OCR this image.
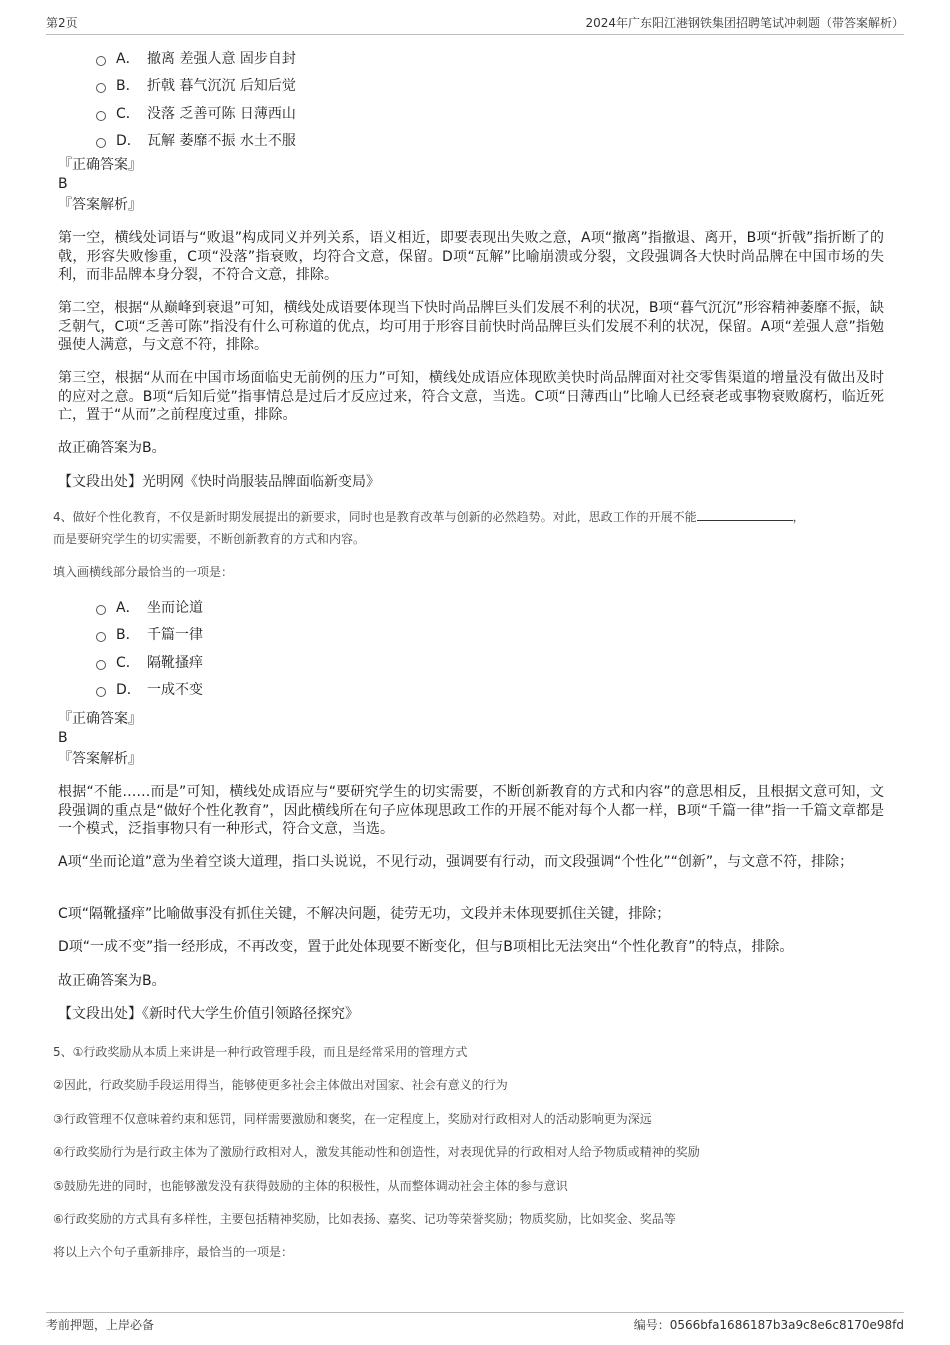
第2页	2024年广东阳江港钢铁集团招聘笔试冲刺题（带答案解析）
A． 撤离 差强人意 固步自封
B． 折戟 暮气沉沉 后知后觉
C． 没落 乏善可陈 日薄西山
D． 瓦解 萎靡不振 水土不服
『正确答案』
B
『答案解析』
第一空，横线处词语与“败退”构成同义并列关系，语义相近，即要表现出失败之意，A项“撤离”指撤退、离开，B项“折戟”指折断了的戟，形容失败惨重，C项“没落”指衰败，均符合文意，保留。D项“瓦解”比喻崩溃或分裂，文段强调各大快时尚品牌在中国市场的失利，而非品牌本身分裂，不符合文意，排除。
第二空，根据“从巅峰到衰退”可知，横线处成语要体现当下快时尚品牌巨头们发展不利的状况，B项“暮气沉沉”形容精神萎靡不振，缺乏朝气，C项“乏善可陈”指没有什么可称道的优点，均可用于形容目前快时尚品牌巨头们发展不利的状况，保留。A项“差强人意”指勉强使人满意，与文意不符，排除。
第三空，根据“从而在中国市场面临史无前例的压力”可知，横线处成语应体现欧美快时尚品牌面对社交零售渠道的增量没有做出及时的应对之意。B项“后知后觉”指事情总是过后才反应过来，符合文意，当选。C项“日薄西山”比喻人已经衰老或事物衰败腐朽，临近死亡，置于“从而”之前程度过重，排除。
故正确答案为B。
【文段出处】光明网《快时尚服装品牌面临新变局》
4、做好个性化教育，不仅是新时期发展提出的新要求，同时也是教育改革与创新的必然趋势。对此，思政工作的开展不能	，
而是要研究学生的切实需要，不断创新教育的方式和内容。
填入画横线部分最恰当的一项是：
A． 坐而论道
B． 千篇一律
C． 隔靴搔痒
D． 一成不变
『正确答案』
B
『答案解析』
根据“不能……而是”可知，横线处成语应与“要研究学生的切实需要，不断创新教育的方式和内容”的意思相反，且根据文意可知，文段强调的重点是“做好个性化教育”，因此横线所在句子应体现思政工作的开展不能对每个人都一样，B项“千篇一律”指一千篇文章都是一个模式，泛指事物只有一种形式，符合文意，当选。
A项“坐而论道”意为坐着空谈大道理，指口头说说，不见行动，强调要有行动，而文段强调“个性化”“创新”，与文意不符，排除；
C项“隔靴搔痒”比喻做事没有抓住关键，不解决问题，徒劳无功，文段并未体现要抓住关键，排除；
D项“一成不变”指一经形成，不再改变，置于此处体现要不断变化，但与B项相比无法突出“个性化教育”的特点，排除。
故正确答案为B。
【文段出处】《新时代大学生价值引领路径探究》
5、①行政奖励从本质上来讲是一种行政管理手段，而且是经常采用的管理方式
②因此，行政奖励手段运用得当，能够使更多社会主体做出对国家、社会有意义的行为
③行政管理不仅意味着约束和惩罚，同样需要激励和褒奖，在一定程度上，奖励对行政相对人的活动影响更为深远
④行政奖励行为是行政主体为了激励行政相对人，激发其能动性和创造性，对表现优异的行政相对人给予物质或精神的奖励
⑤鼓励先进的同时，也能够激发没有获得鼓励的主体的积极性，从而整体调动社会主体的参与意识
⑥行政奖励的方式具有多样性，主要包括精神奖励，比如表扬、嘉奖、记功等荣誉奖励；物质奖励，比如奖金、奖品等
将以上六个句子重新排序，最恰当的一项是：
考前押题，上岸必备	编号：0566bfa1686187b3a9c8e6c8170e98fd
